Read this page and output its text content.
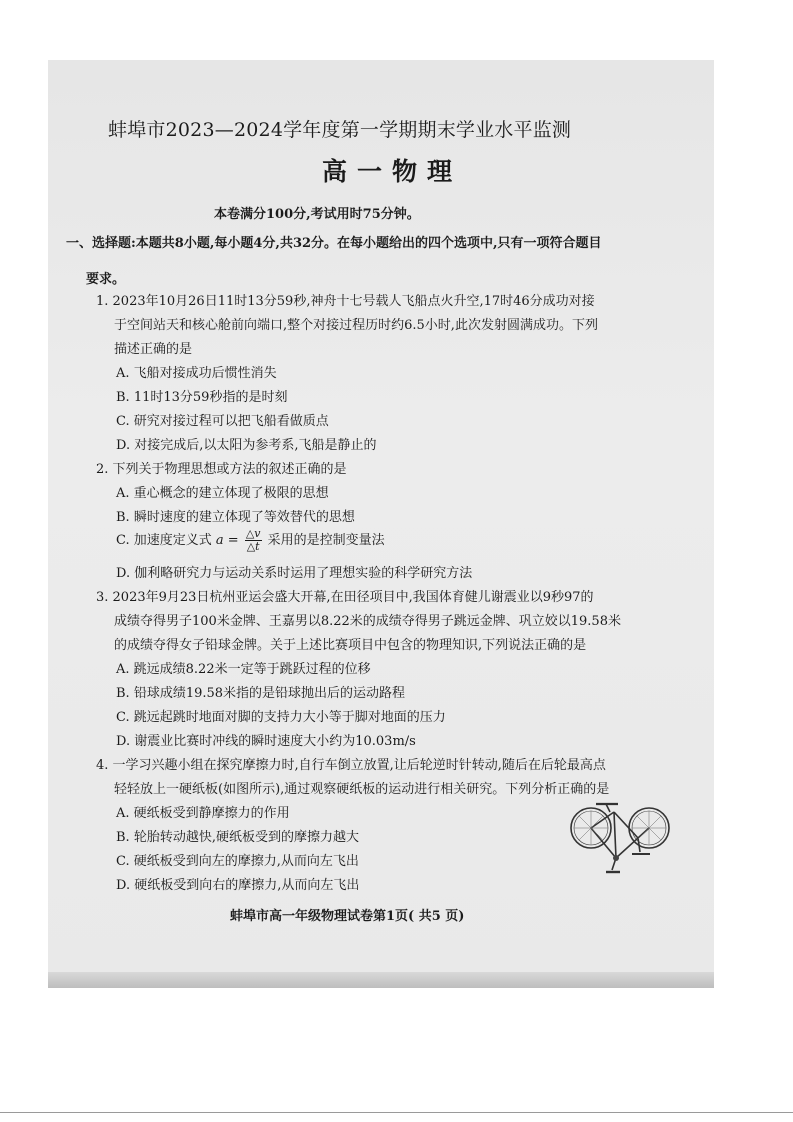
蚌埠市2023—2024学年度第一学期期末学业水平监测
高一物理
本卷满分100分,考试用时75分钟。
一、选择题:本题共8小题,每小题4分,共32分。在每小题给出的四个选项中,只有一项符合题目
要求。
1. 2023年10月26日11时13分59秒,神舟十七号载人飞船点火升空,17时46分成功对接
于空间站天和核心舱前向端口,整个对接过程历时约6.5小时,此次发射圆满成功。下列
描述正确的是
A. 飞船对接成功后惯性消失
B. 11时13分59秒指的是时刻
C. 研究对接过程可以把飞船看做质点
D. 对接完成后,以太阳为参考系,飞船是静止的
2. 下列关于物理思想或方法的叙述正确的是
A. 重心概念的建立体现了极限的思想
B. 瞬时速度的建立体现了等效替代的思想
C. 加速度定义式 $a = \frac{\triangle v}{\triangle t}$ 采用的是控制变量法
D. 伽利略研究力与运动关系时运用了理想实验的科学研究方法
3. 2023年9月23日杭州亚运会盛大开幕,在田径项目中,我国体育健儿谢震业以9秒97的
成绩夺得男子100米金牌、王嘉男以8.22米的成绩夺得男子跳远金牌、巩立姣以19.58米
的成绩夺得女子铅球金牌。关于上述比赛项目中包含的物理知识,下列说法正确的是
A. 跳远成绩8.22米一定等于跳跃过程的位移
B. 铅球成绩19.58米指的是铅球抛出后的运动路程
C. 跳远起跳时地面对脚的支持力大小等于脚对地面的压力
D. 谢震业比赛时冲线的瞬时速度大小约为10.03m/s
4. 一学习兴趣小组在探究摩擦力时,自行车倒立放置,让后轮逆时针转动,随后在后轮最高点
轻轻放上一硬纸板(如图所示),通过观察硬纸板的运动进行相关研究。下列分析正确的是
A. 硬纸板受到静摩擦力的作用
B. 轮胎转动越快,硬纸板受到的摩擦力越大
C. 硬纸板受到向左的摩擦力,从而向左飞出
D. 硬纸板受到向右的摩擦力,从而向左飞出
蚌埠市高一年级物理试卷第1页( 共5 页)
